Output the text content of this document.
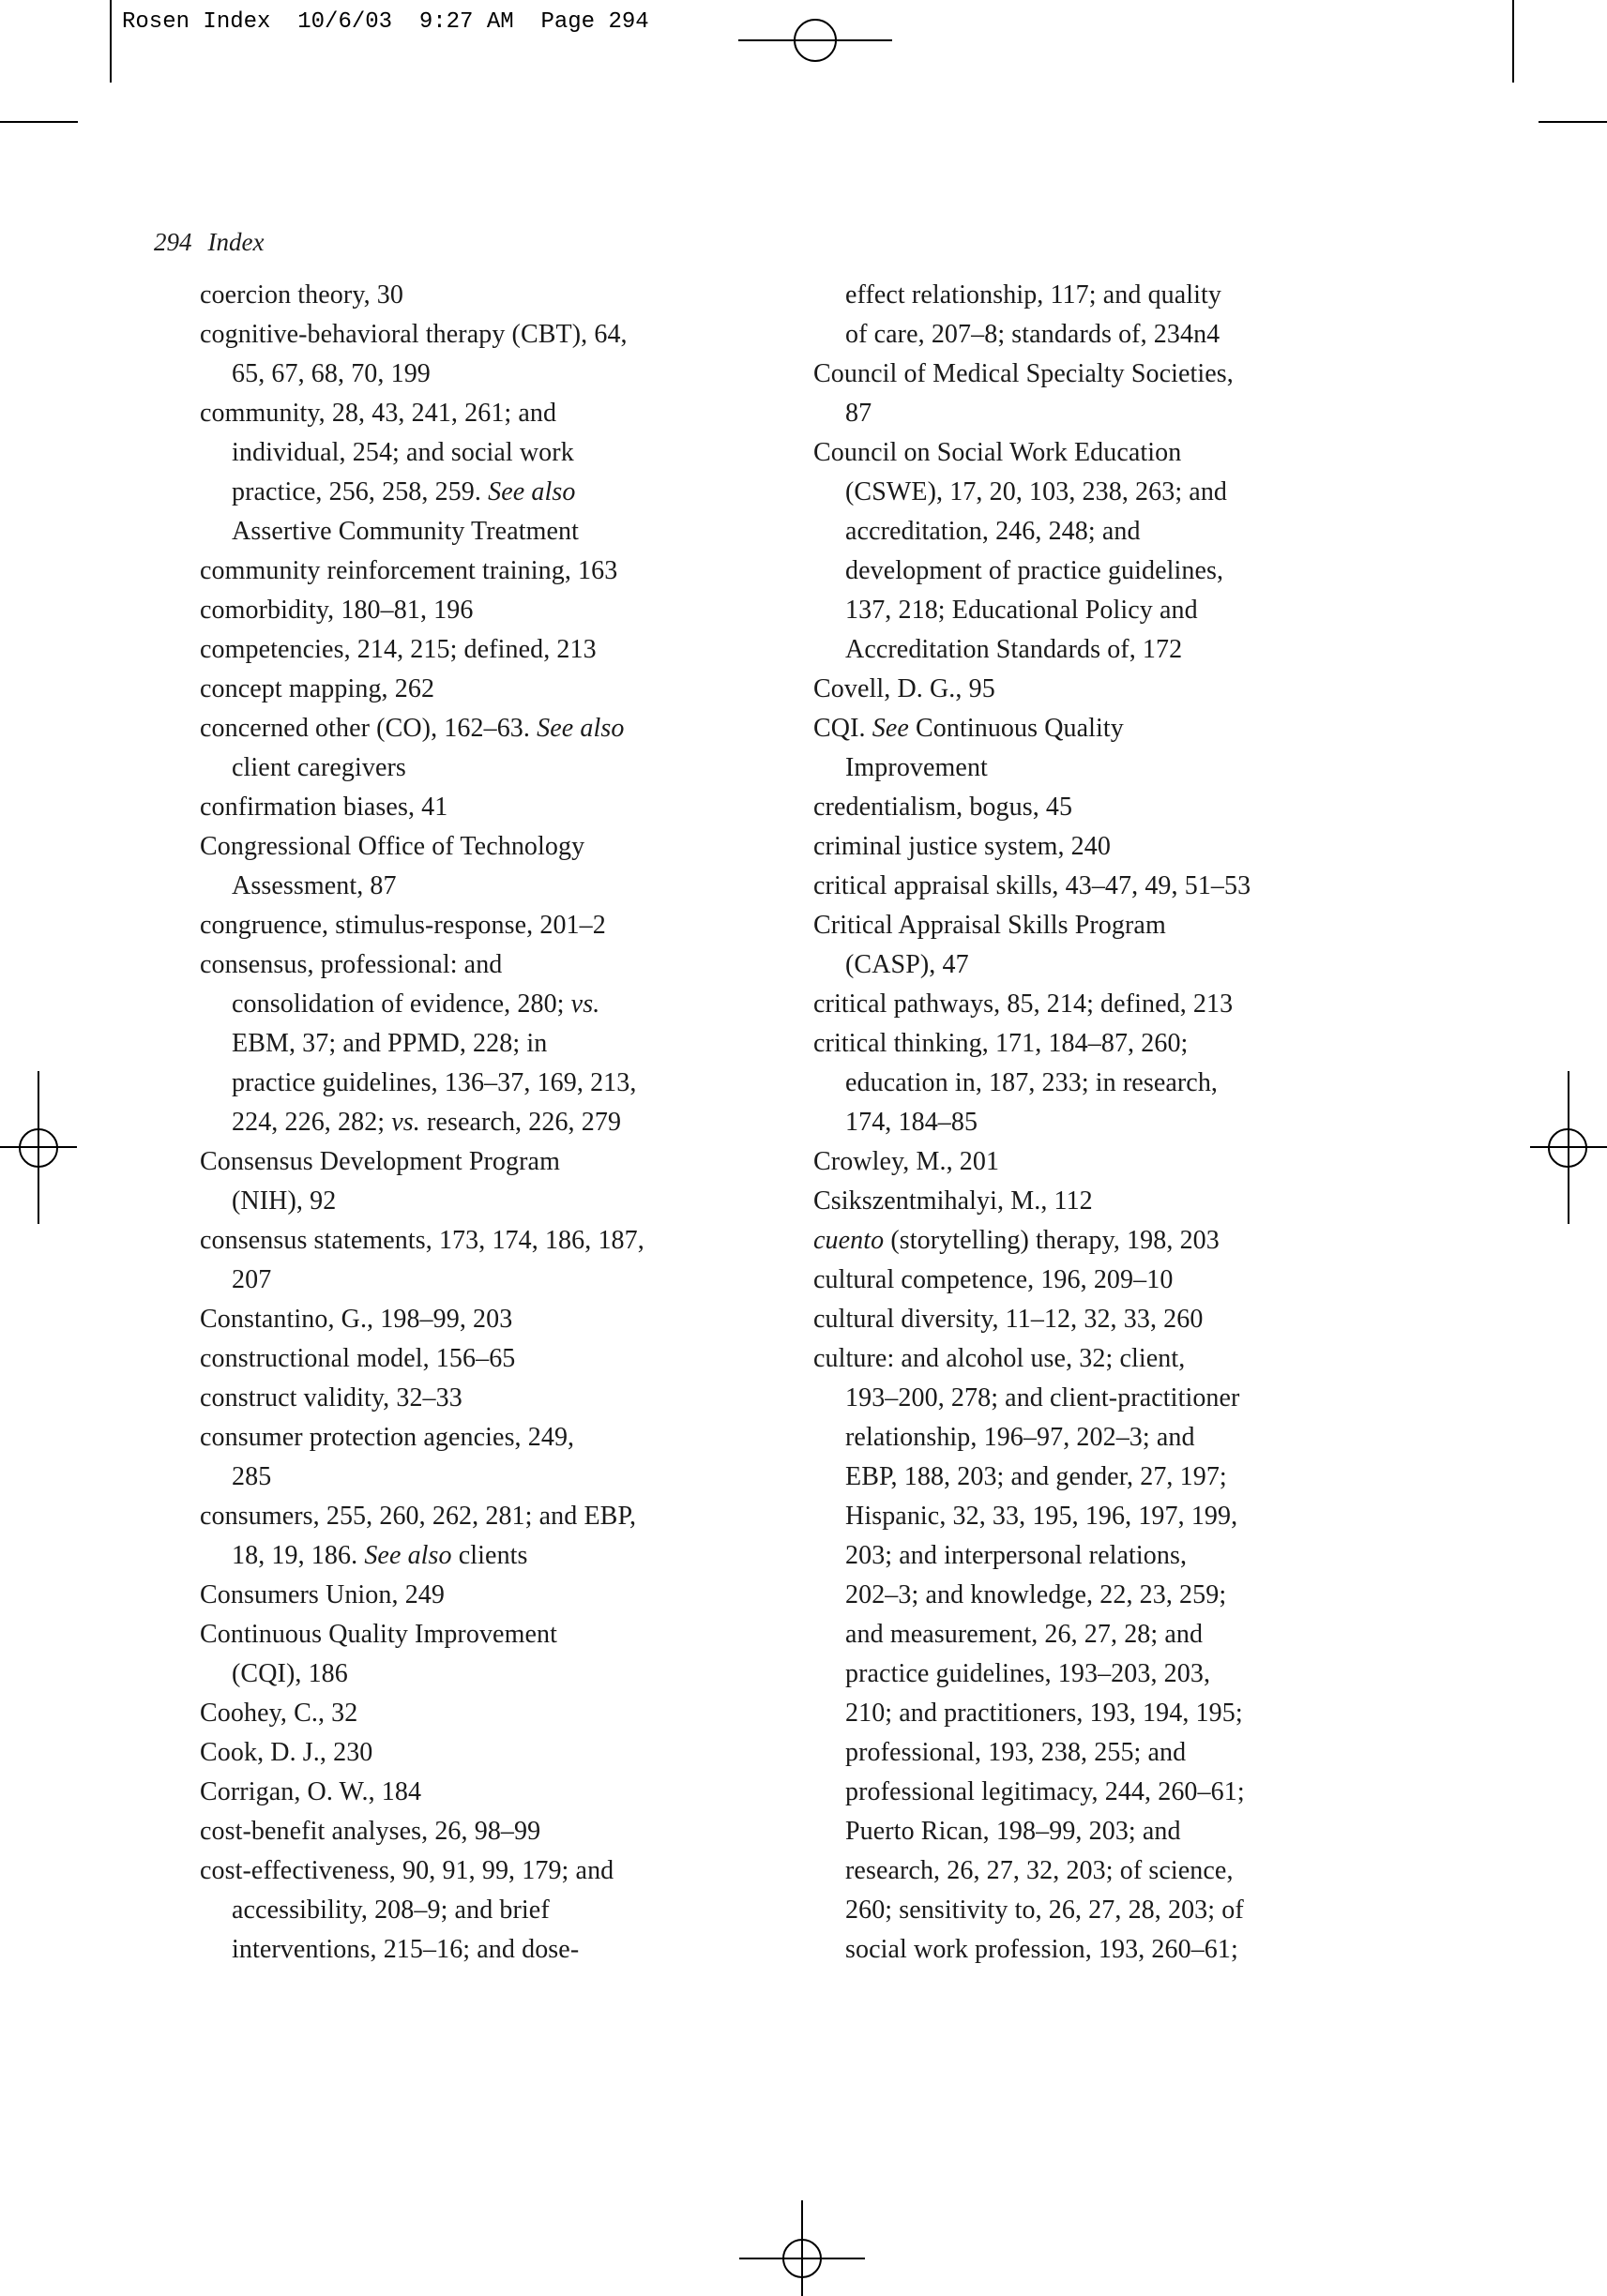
Rosen Index  10/6/03  9:27 AM  Page 294
294 Index
coercion theory, 30
cognitive-behavioral therapy (CBT), 64,
65, 67, 68, 70, 199
community, 28, 43, 241, 261; and
individual, 254; and social work
practice, 256, 258, 259. See also
Assertive Community Treatment
community reinforcement training, 163
comorbidity, 180–81, 196
competencies, 214, 215; defined, 213
concept mapping, 262
concerned other (CO), 162–63. See also
client caregivers
confirmation biases, 41
Congressional Office of Technology
Assessment, 87
congruence, stimulus-response, 201–2
consensus, professional: and
consolidation of evidence, 280; vs.
EBM, 37; and PPMD, 228; in
practice guidelines, 136–37, 169, 213,
224, 226, 282; vs. research, 226, 279
Consensus Development Program
(NIH), 92
consensus statements, 173, 174, 186, 187,
207
Constantino, G., 198–99, 203
constructional model, 156–65
construct validity, 32–33
consumer protection agencies, 249,
285
consumers, 255, 260, 262, 281; and EBP,
18, 19, 186. See also clients
Consumers Union, 249
Continuous Quality Improvement
(CQI), 186
Coohey, C., 32
Cook, D. J., 230
Corrigan, O. W., 184
cost-benefit analyses, 26, 98–99
cost-effectiveness, 90, 91, 99, 179; and
accessibility, 208–9; and brief
interventions, 215–16; and dose-
effect relationship, 117; and quality
of care, 207–8; standards of, 234n4
Council of Medical Specialty Societies,
87
Council on Social Work Education
(CSWE), 17, 20, 103, 238, 263; and
accreditation, 246, 248; and
development of practice guidelines,
137, 218; Educational Policy and
Accreditation Standards of, 172
Covell, D. G., 95
CQI. See Continuous Quality
Improvement
credentialism, bogus, 45
criminal justice system, 240
critical appraisal skills, 43–47, 49, 51–53
Critical Appraisal Skills Program
(CASP), 47
critical pathways, 85, 214; defined, 213
critical thinking, 171, 184–87, 260;
education in, 187, 233; in research,
174, 184–85
Crowley, M., 201
Csikszentmihalyi, M., 112
cuento (storytelling) therapy, 198, 203
cultural competence, 196, 209–10
cultural diversity, 11–12, 32, 33, 260
culture: and alcohol use, 32; client,
193–200, 278; and client-practitioner
relationship, 196–97, 202–3; and
EBP, 188, 203; and gender, 27, 197;
Hispanic, 32, 33, 195, 196, 197, 199,
203; and interpersonal relations,
202–3; and knowledge, 22, 23, 259;
and measurement, 26, 27, 28; and
practice guidelines, 193–203, 203,
210; and practitioners, 193, 194, 195;
professional, 193, 238, 255; and
professional legitimacy, 244, 260–61;
Puerto Rican, 198–99, 203; and
research, 26, 27, 32, 203; of science,
260; sensitivity to, 26, 27, 28, 203; of
social work profession, 193, 260–61;
